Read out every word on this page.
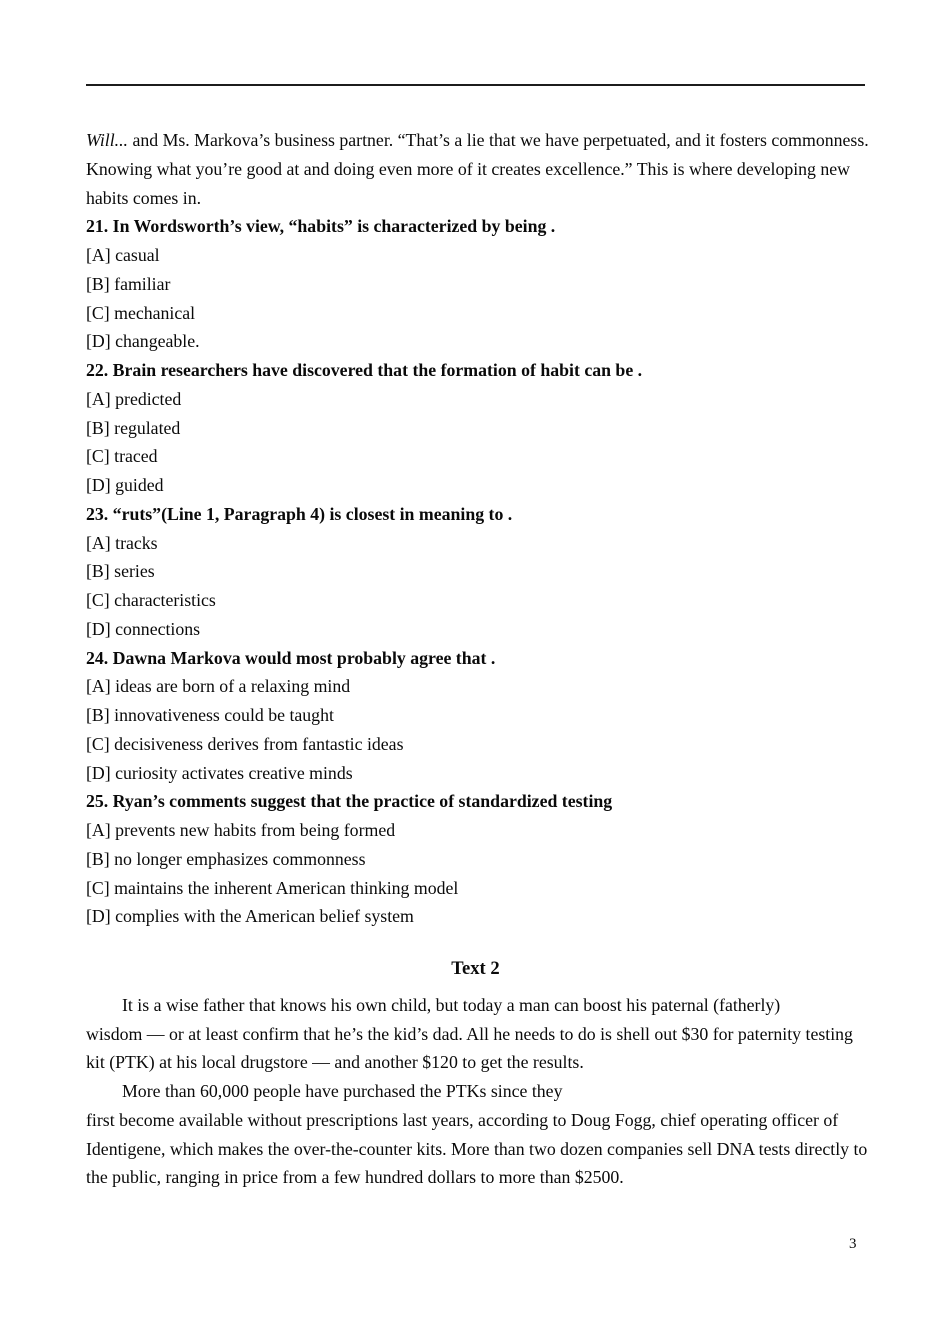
Will... and Ms. Markova’s business partner. “That’s a lie that we have perpetuated, and it fosters commonness.
Knowing what you’re good at and doing even more of it creates excellence.” This is where developing new
habits comes in.
21. In Wordsworth’s view, “habits” is characterized by being .
[A] casual
[B] familiar
[C] mechanical
[D] changeable.
22. Brain researchers have discovered that the formation of habit can be .
[A] predicted
[B] regulated
[C] traced
[D] guided
23. “ruts”(Line 1, Paragraph 4) is closest in meaning to .
[A] tracks
[B] series
[C] characteristics
[D] connections
24. Dawna Markova would most probably agree that .
[A] ideas are born of a relaxing mind
[B] innovativeness could be taught
[C] decisiveness derives from fantastic ideas
[D] curiosity activates creative minds
25. Ryan’s comments suggest that the practice of standardized testing
[A] prevents new habits from being formed
[B] no longer emphasizes commonness
[C] maintains the inherent American thinking model
[D] complies with the American belief system
Text 2
It is a wise father that knows his own child, but today a man can boost his paternal (fatherly)
wisdom — or at least confirm that he’s the kid’s dad. All he needs to do is shell out $30 for paternity testing
kit (PTK) at his local drugstore — and another $120 to get the results.
More than 60,000 people have purchased the PTKs since they
first become available without prescriptions last years, according to Doug Fogg, chief operating officer of
Identigene, which makes the over-the-counter kits. More than two dozen companies sell DNA tests directly to
the public, ranging in price from a few hundred dollars to more than $2500.
3
